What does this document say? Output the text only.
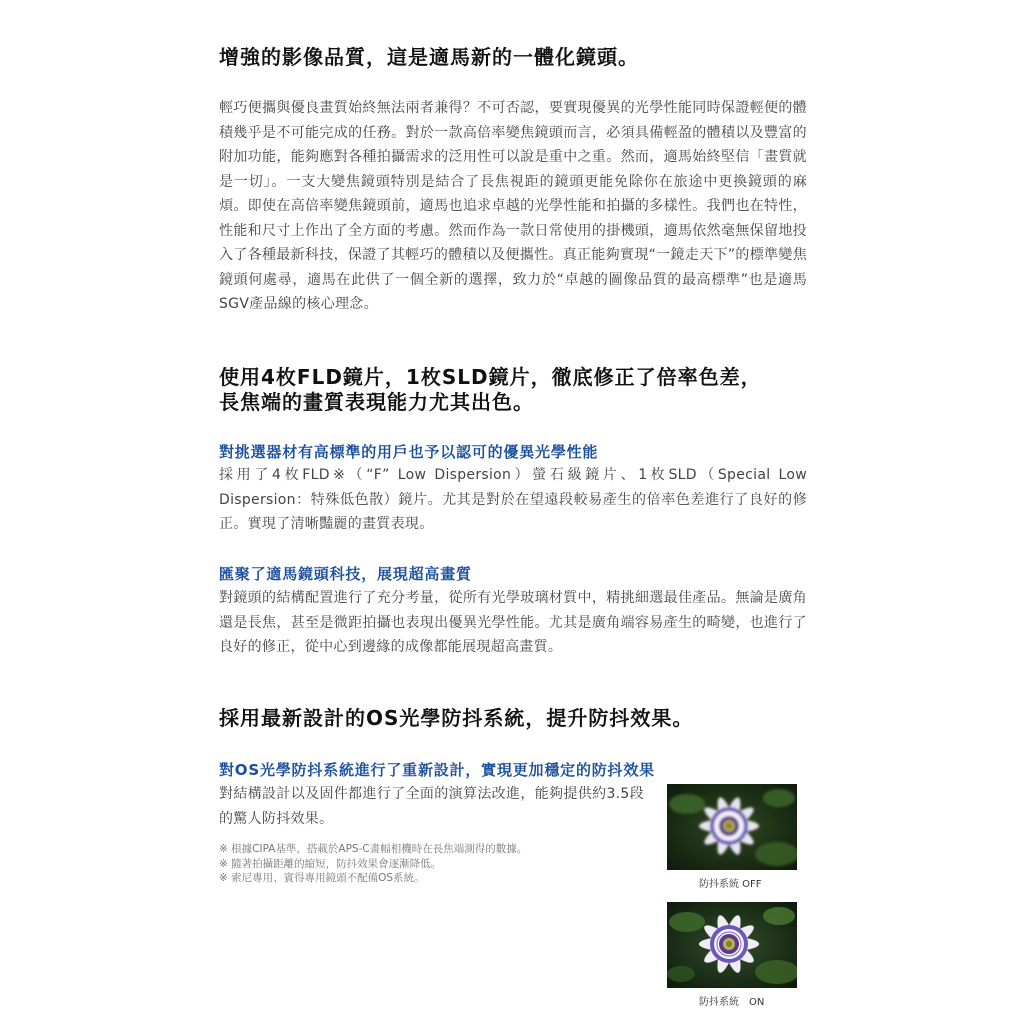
增強的影像品質，這是適馬新的一體化鏡頭。
輕巧便攜與優良畫質始終無法兩者兼得？不可否認，要實現優異的光學性能同時保證輕便的體積幾乎是不可能完成的任務。對於一款高倍率變焦鏡頭而言，必須具備輕盈的體積以及豐富的附加功能，能夠應對各種拍攝需求的泛用性可以說是重中之重。然而，適馬始終堅信「畫質就是一切」。一支大變焦鏡頭特別是結合了長焦視距的鏡頭更能免除你在旅途中更換鏡頭的麻煩。即使在高倍率變焦鏡頭前，適馬也追求卓越的光學性能和拍攝的多樣性。我們也在特性，性能和尺寸上作出了全方面的考慮。然而作為一款日常使用的掛機頭，適馬依然毫無保留地投入了各種最新科技，保證了其輕巧的體積以及便攜性。真正能夠實現“一鏡走天下”的標準變焦鏡頭何處尋，適馬在此供了一個全新的選擇，致力於“卓越的圖像品質的最高標準”也是適馬SGV產品線的核心理念。
使用4枚FLD鏡片，1枚SLD鏡片，徹底修正了倍率色差，
長焦端的畫質表現能力尤其出色。
對挑選器材有高標準的用戶也予以認可的優異光學性能
採用了4枚FLD※（“F” Low Dispersion）螢石級鏡片、1枚SLD（Special Low Dispersion：特殊低色散）鏡片。尤其是對於在望遠段較易產生的倍率色差進行了良好的修正。實現了清晰豔麗的畫質表現。
匯聚了適馬鏡頭科技，展現超高畫質
對鏡頭的結構配置進行了充分考量，從所有光學玻璃材質中，精挑細選最佳產品。無論是廣角還是長焦，甚至是微距拍攝也表現出優異光學性能。尤其是廣角端容易產生的畸變，也進行了良好的修正，從中心到邊緣的成像都能展現超高畫質。
採用最新設計的OS光學防抖系統，提升防抖效果。
對OS光學防抖系統進行了重新設計，實現更加穩定的防抖效果
對結構設計以及固件都進行了全面的演算法改進，能夠提供約3.5段的驚人防抖效果。
※ 根據CIPA基準，搭載於APS-C畫幅相機時在長焦端測得的數據。
※ 隨著拍攝距離的縮短，防抖效果會逐漸降低。
※ 索尼專用、賓得專用鏡頭不配備OS系統。
防抖系統 OFF
防抖系統　ON
